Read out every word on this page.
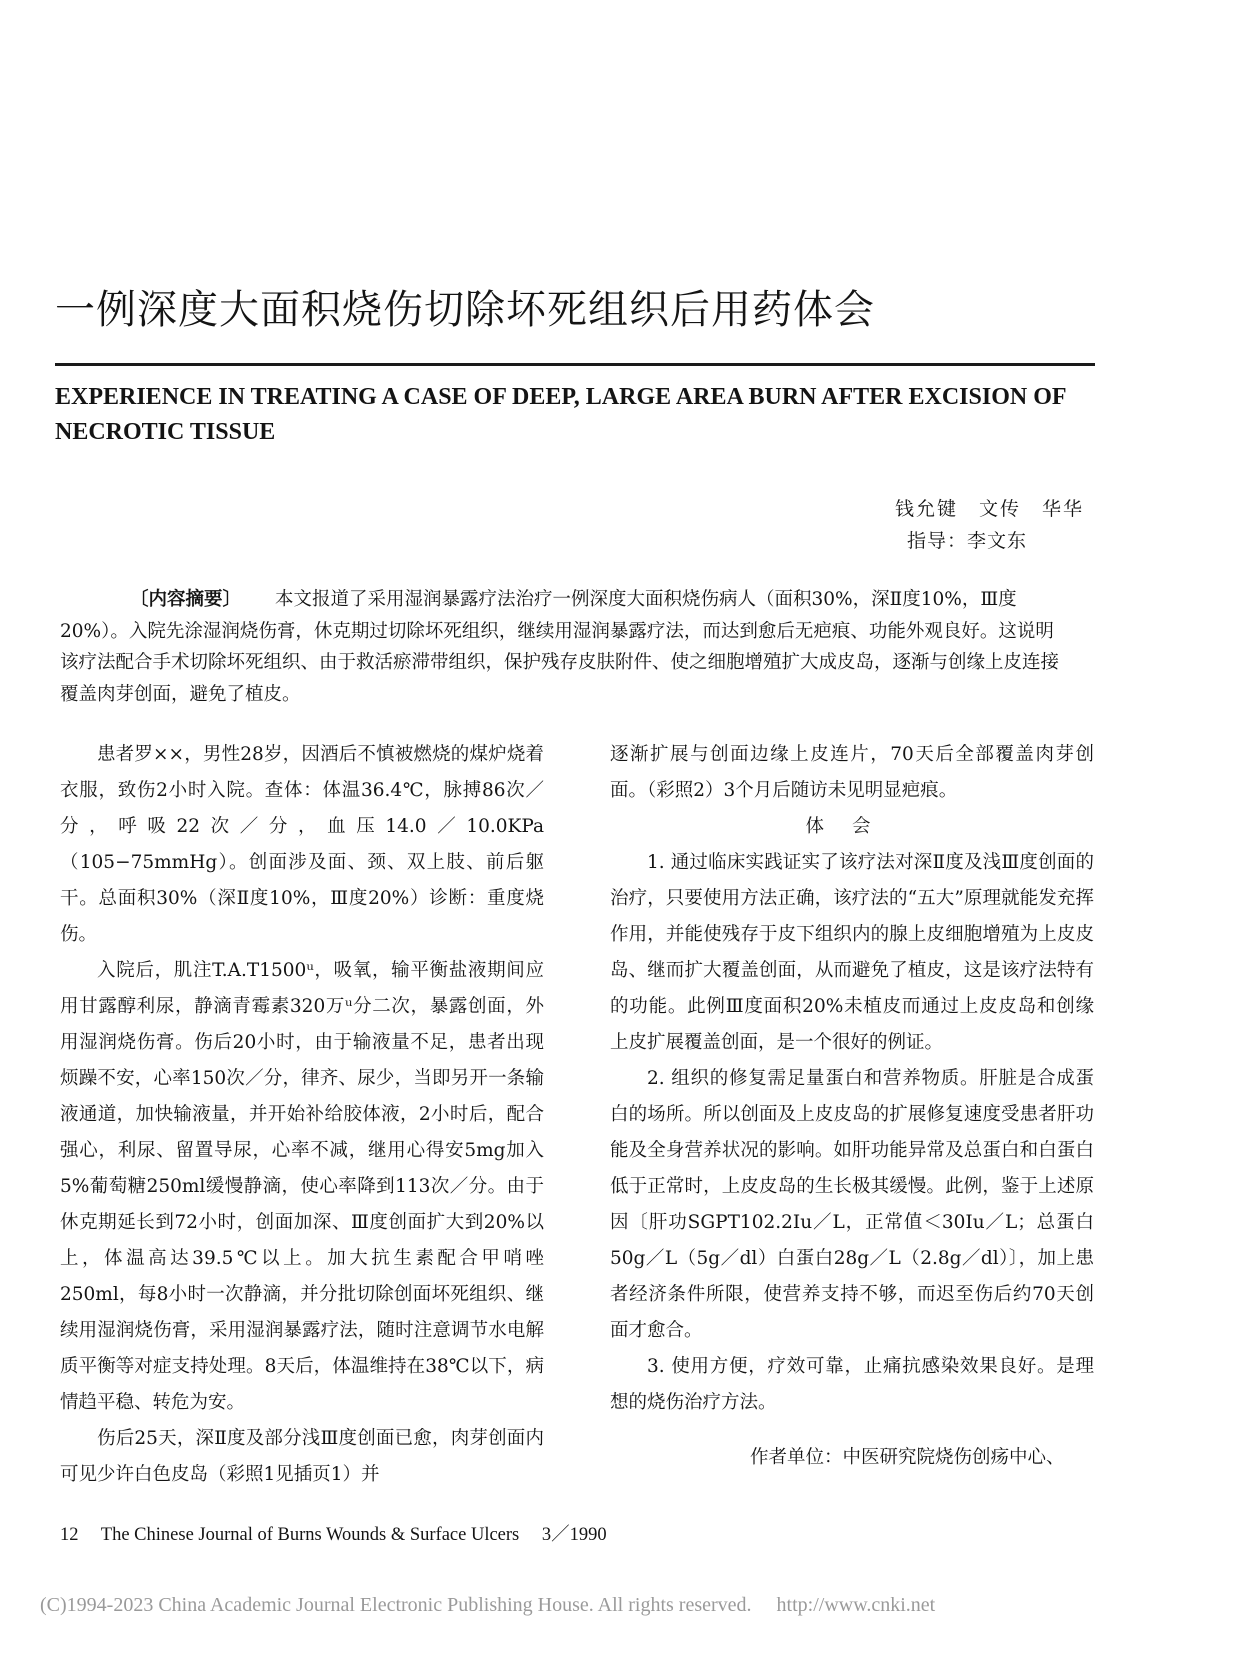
一例深度大面积烧伤切除坏死组织后用药体会
EXPERIENCE IN TREATING A CASE OF DEEP, LARGE AREA BURN AFTER EXCISION OF NECROTIC TISSUE
钱允键　文传　华华
指导：李文东
〔内容摘要〕 本文报道了采用湿润暴露疗法治疗一例深度大面积烧伤病人（面积30%，深Ⅱ度10%，Ⅲ度20%）。入院先涂湿润烧伤膏，休克期过切除坏死组织，继续用湿润暴露疗法，而达到愈后无疤痕、功能外观良好。这说明该疗法配合手术切除坏死组织、由于救活瘀滞带组织，保护残存皮肤附件、使之细胞增殖扩大成皮岛，逐渐与创缘上皮连接覆盖肉芽创面，避免了植皮。

患者罗××，男性28岁，因酒后不慎被燃烧的煤炉烧着衣服，致伤2小时入院。查体：体温36.4℃，脉搏86次／分，呼吸22次／分，血压14.0／10.0KPa（105−75mmHg）。创面涉及面、颈、双上肢、前后躯干。总面积30%（深Ⅱ度10%，Ⅲ度20%）诊断：重度烧伤。

入院后，肌注T.A.T1500ᵘ，吸氧，输平衡盐液期间应用甘露醇利尿，静滴青霉素320万ᵘ分二次，暴露创面，外用湿润烧伤膏。伤后20小时，由于输液量不足，患者出现烦躁不安，心率150次／分，律齐、尿少，当即另开一条输液通道，加快输液量，并开始补给胶体液，2小时后，配合强心，利尿、留置导尿，心率不减，继用心得安5mg加入5%葡萄糖250ml缓慢静滴，使心率降到113次／分。由于休克期延长到72小时，创面加深、Ⅲ度创面扩大到20%以上，体温高达39.5℃以上。加大抗生素配合甲哨唑250ml，每8小时一次静滴，并分批切除创面坏死组织、继续用湿润烧伤膏，采用湿润暴露疗法，随时注意调节水电解质平衡等对症支持处理。8天后，体温维持在38℃以下，病情趋平稳、转危为安。

伤后25天，深Ⅱ度及部分浅Ⅲ度创面已愈，肉芽创面内可见少许白色皮岛（彩照1见插页1）并

逐渐扩展与创面边缘上皮连片，70天后全部覆盖肉芽创面。（彩照2）3个月后随访未见明显疤痕。

体会

1. 通过临床实践证实了该疗法对深Ⅱ度及浅Ⅲ度创面的治疗，只要使用方法正确，该疗法的“五大”原理就能发充挥作用，并能使残存于皮下组织内的腺上皮细胞增殖为上皮皮岛、继而扩大覆盖创面，从而避免了植皮，这是该疗法特有的功能。此例Ⅲ度面积20%未植皮而通过上皮皮岛和创缘上皮扩展覆盖创面，是一个很好的例证。

2. 组织的修复需足量蛋白和营养物质。肝脏是合成蛋白的场所。所以创面及上皮皮岛的扩展修复速度受患者肝功能及全身营养状况的影响。如肝功能异常及总蛋白和白蛋白低于正常时，上皮皮岛的生长极其缓慢。此例，鉴于上述原因〔肝功SGPT102.2Iu／L，正常值＜30Iu／L；总蛋白50g／L（5g／dl）白蛋白28g／L（2.8g／dl）〕，加上患者经济条件所限，使营养支持不够，而迟至伤后约70天创面才愈合。

3. 使用方便，疗效可靠，止痛抗感染效果良好。是理想的烧伤治疗方法。

作者单位：中医研究院烧伤创疡中心、
12 The Chinese Journal of Burns Wounds & Surface Ulcers 3／1990
(C)1994-2023 China Academic Journal Electronic Publishing House. All rights reserved.　 http://www.cnki.net
